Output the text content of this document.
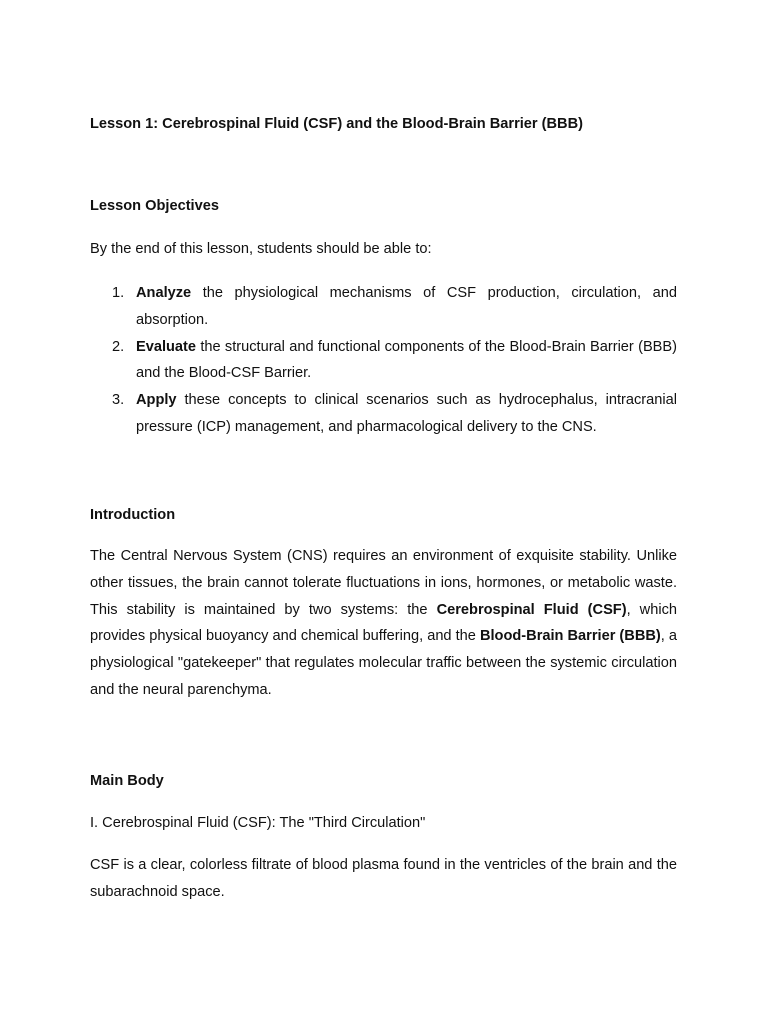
Lesson 1: Cerebrospinal Fluid (CSF) and the Blood-Brain Barrier (BBB)
Lesson Objectives

By the end of this lesson, students should be able to:

1. Analyze the physiological mechanisms of CSF production, circulation, and absorption.
2. Evaluate the structural and functional components of the Blood-Brain Barrier (BBB) and the Blood-CSF Barrier.
3. Apply these concepts to clinical scenarios such as hydrocephalus, intracranial pressure (ICP) management, and pharmacological delivery to the CNS.
Introduction

The Central Nervous System (CNS) requires an environment of exquisite stability. Unlike other tissues, the brain cannot tolerate fluctuations in ions, hormones, or metabolic waste. This stability is maintained by two systems: the Cerebrospinal Fluid (CSF), which provides physical buoyancy and chemical buffering, and the Blood-Brain Barrier (BBB), a physiological "gatekeeper" that regulates molecular traffic between the systemic circulation and the neural parenchyma.

Main Body

I. Cerebrospinal Fluid (CSF): The "Third Circulation"

CSF is a clear, colorless filtrate of blood plasma found in the ventricles of the brain and the subarachnoid space.
